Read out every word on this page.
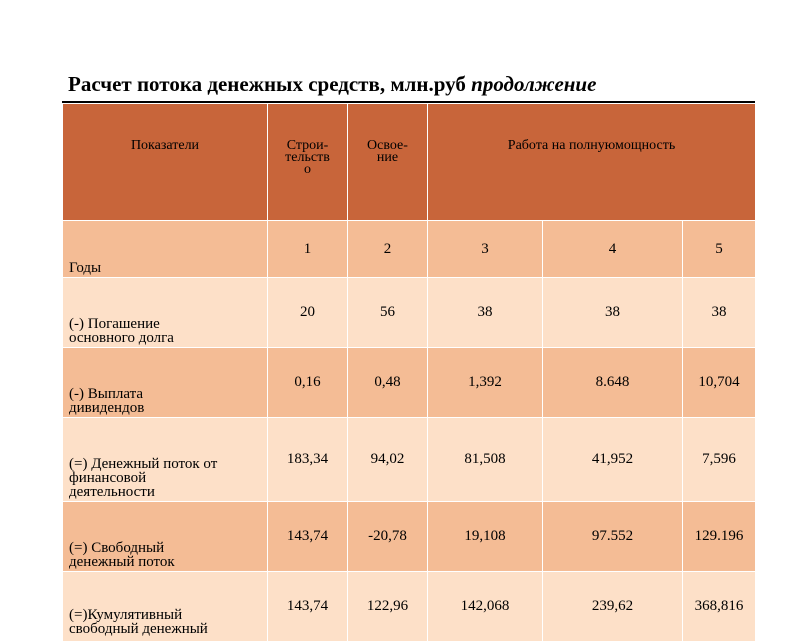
Расчет потока денежных средств, млн.руб продолжение
Показатели	Строи-
тельств
о	Освое-
ние	Работа на полнуюмощность		

Годы	1	2	3	4	5

(-) Погашение
основного долга	20	56	38	38	38

(-) Выплата
дивидендов	0,16	0,48	1,392	8.648	10,704

(=) Денежный поток от
финансовой
деятельности	183,34	94,02	81,508	41,952	7,596

(=) Свободный
денежный поток	143,74	-20,78	19,108	97.552	129.196

(=)Кумулятивный
свободный денежный	143,74	122,96	142,068	239,62	368,816
